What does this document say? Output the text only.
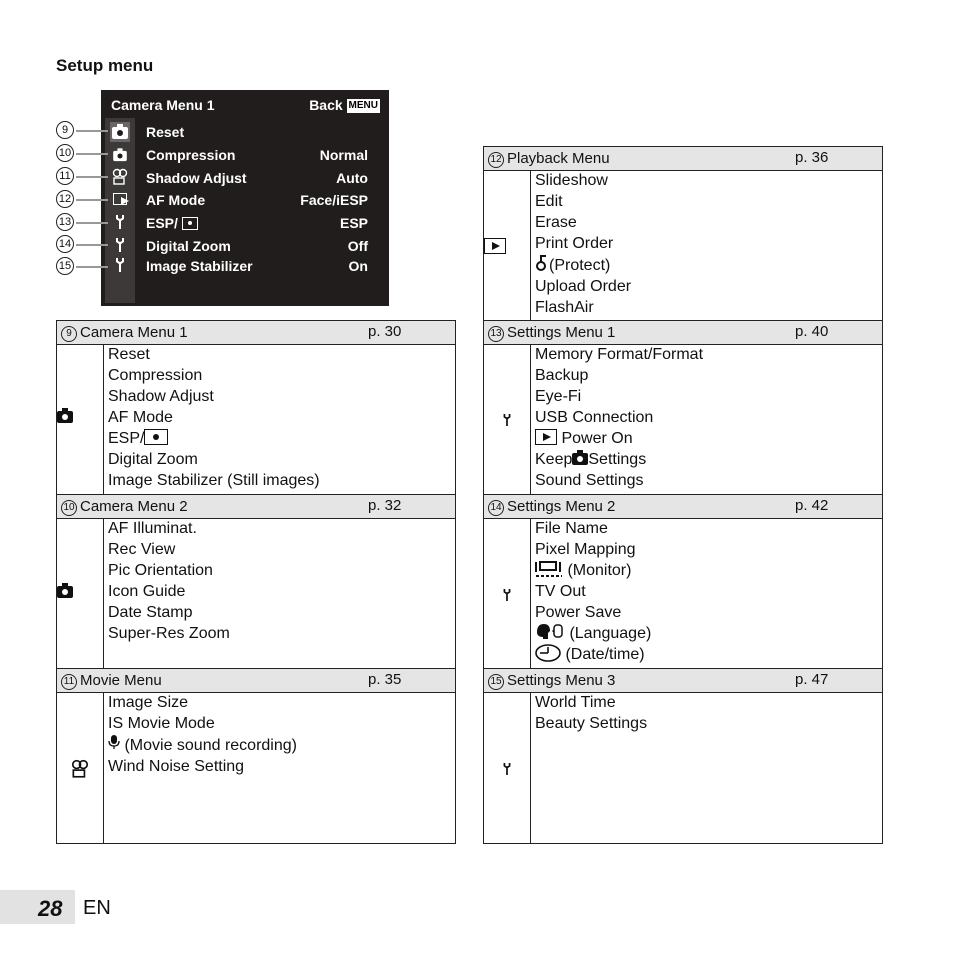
Setup menu
Camera Menu 1	Back MENU
Reset
Compression	Normal
Shadow Adjust	Auto
AF Mode	Face/iESP
ESP/	ESP
Digital Zoom	Off
Image Stabilizer	On
9
10
11
12
13
14
15
9 Camera Menu 1	p. 30
Reset
Compression
Shadow Adjust
AF Mode
ESP/
Digital Zoom
Image Stabilizer (Still images)
10 Camera Menu 2	p. 32
AF Illuminat.
Rec View
Pic Orientation
Icon Guide
Date Stamp
Super-Res Zoom
11 Movie Menu	p. 35
Image Size
IS Movie Mode
(Movie sound recording)
Wind Noise Setting
12 Playback Menu	p. 36
Slideshow
Edit
Erase
Print Order
(Protect)
Upload Order
FlashAir
13 Settings Menu 1	p. 40
Memory Format/Format
Backup
Eye-Fi
USB Connection
Power On
Keep Settings
Sound Settings
14 Settings Menu 2	p. 42
File Name
Pixel Mapping
(Monitor)
TV Out
Power Save
(Language)
(Date/time)
15 Settings Menu 3	p. 47
World Time
Beauty Settings
28 EN
